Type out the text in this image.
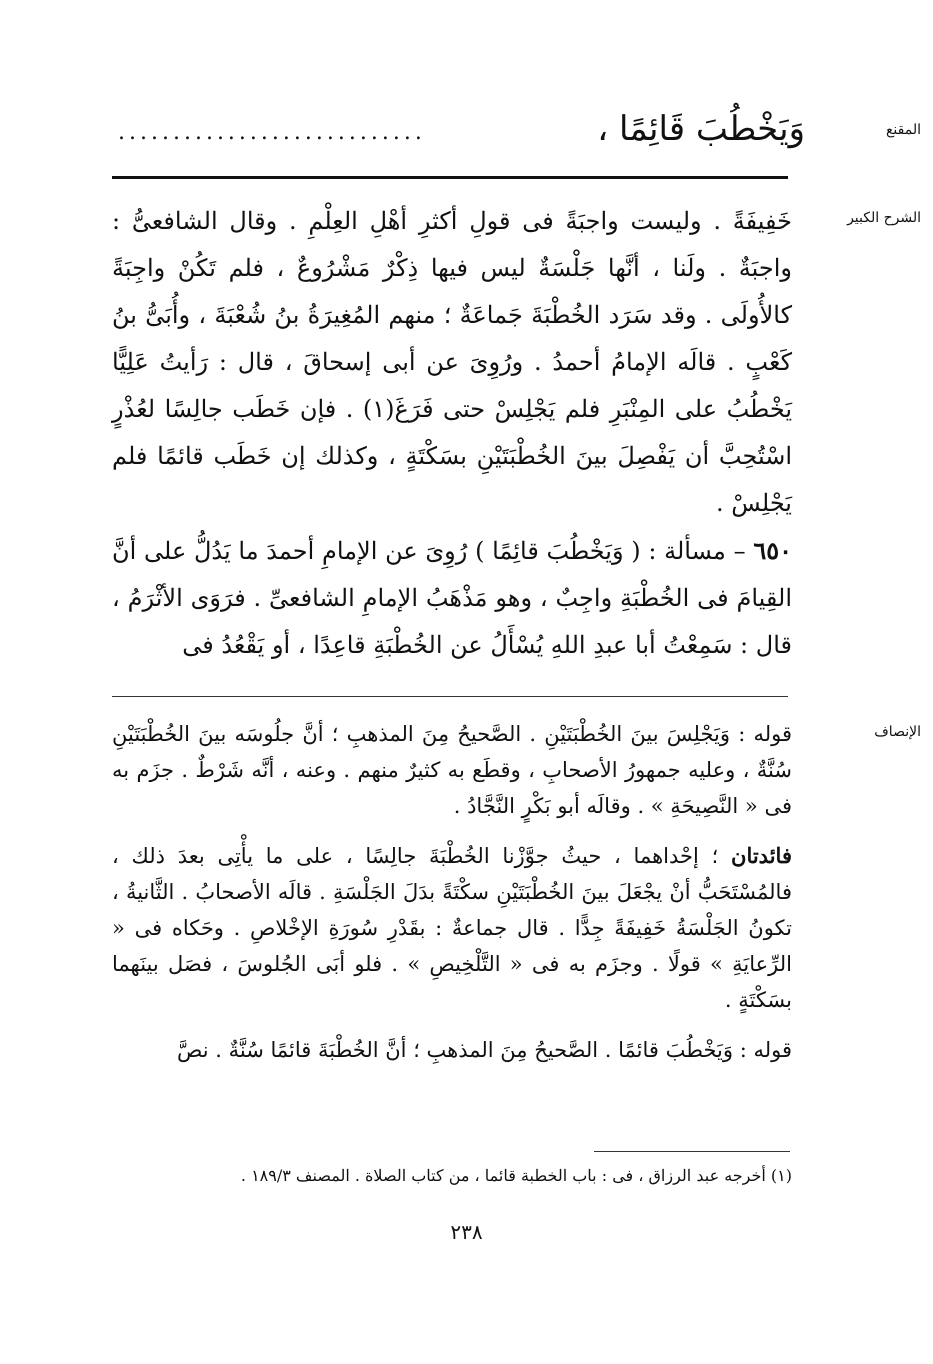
المقنع
وَيَخْطُبَ قَائِمًا ،
............................
الشرح الكبير

خَفِيفَةً . وليست واجبَةً فى قولِ أكثرِ أهْلِ العِلْمِ . وقال الشافعىُّ : واجبَةٌ . ولَنا ، أنَّها جَلْسَةٌ ليس فيها ذِكْرٌ مَشْرُوعٌ ، فلم تَكُنْ واجِبَةً كالأُولَى . وقد سَرَد الخُطْبَةَ جَماعَةٌ ؛ منهم المُغِيرَةُ بنُ شُعْبَةَ ، وأُبَىُّ بنُ كَعْبٍ . قالَه الإمامُ أحمدُ . ورُوِىَ عن أبى إسحاقَ ، قال : رَأيتُ عَلِيًّا يَخْطُبُ على المِنْبَرِ فلم يَجْلِسْ حتى فَرَغَ(١) . فإن خَطَب جالِسًا لعُذْرٍ اسْتُحِبَّ أن يَفْصِلَ بينَ الخُطْبَتَيْنِ بسَكْتَةٍ ، وكذلك إن خَطَب قائمًا فلم يَجْلِسْ .

٦٥٠ – مسألة : ( وَيَخْطُبَ قائِمًا ) رُوِىَ عن الإمامِ أحمدَ ما يَدُلُّ على أنَّ القِيامَ فى الخُطْبَةِ واجِبٌ ، وهو مَذْهَبُ الإمامِ الشافعىِّ . فرَوَى الأثْرَمُ ، قال : سَمِعْتُ أبا عبدِ اللهِ يُسْأَلُ عن الخُطْبَةِ قاعِدًا ، أو يَقْعُدُ فى

الإنصاف

قوله : وَيَجْلِسَ بينَ الخُطْبَتَيْنِ . الصَّحيحُ مِنَ المذهبِ ؛ أنَّ جلُوسَه بينَ الخُطْبَتَيْنِ سُنَّةٌ ، وعليه جمهورُ الأصحابِ ، وقطَع به كثيرٌ منهم . وعنه ، أنَّه شَرْطٌ . جزَم به فى « النَّصِيحَةِ » . وقالَه أبو بَكْرٍ النَّجَّادُ .

فائدتان ؛ إحْداهما ، حيثُ جوَّزْنا الخُطْبَةَ جالِسًا ، على ما يأْتِى بعدَ ذلك ، فالمُسْتَحَبُّ أنْ يجْعَلَ بينَ الخُطْبَتَيْنِ سكْتَةً بدَلَ الجَلْسَةِ . قالَه الأصحابُ . الثَّانيةُ ، تكونُ الجَلْسَةُ خَفِيفَةً جِدًّا . قال جماعةٌ : بقَدْرِ سُورَةِ الإخْلاصِ . وحَكاه فى « الرِّعايَةِ » قولًا . وجزَم به فى « التَّلْخِيصِ » . فلو أبَى الجُلوسَ ، فصَل بينَهما بسَكْتَةٍ .

قوله : وَيَخْطُبَ قائمًا . الصَّحيحُ مِنَ المذهبِ ؛ أنَّ الخُطْبَةَ قائمًا سُنَّةٌ . نصَّ

(١) أخرجه عبد الرزاق ، فى : باب الخطبة قائما ، من كتاب الصلاة . المصنف ١٨٩/٣ .
٢٣٨
